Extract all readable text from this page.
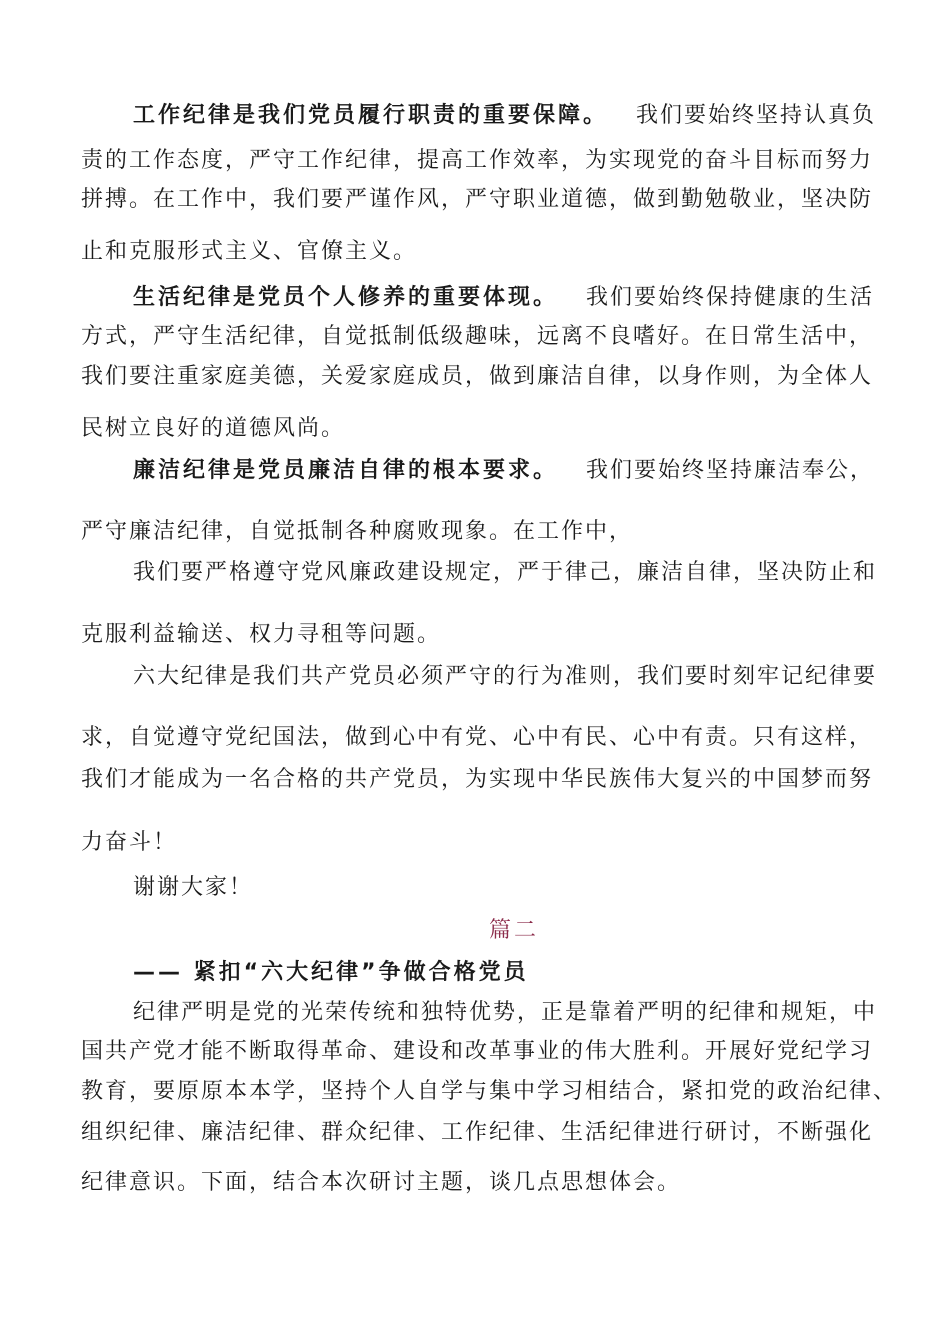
工作纪律是我们党员履行职责的重要保障。 我们要始终坚持认真负
责的工作态度，严守工作纪律，提高工作效率，为实现党的奋斗目标而努力
拼搏。在工作中，我们要严谨作风，严守职业道德，做到勤勉敬业，坚决防
止和克服形式主义、官僚主义。
生活纪律是党员个人修养的重要体现。 我们要始终保持健康的生活
方式，严守生活纪律，自觉抵制低级趣味，远离不良嗜好。在日常生活中，
我们要注重家庭美德，关爱家庭成员，做到廉洁自律，以身作则，为全体人
民树立良好的道德风尚。
廉洁纪律是党员廉洁自律的根本要求。 我们要始终坚持廉洁奉公，
严守廉洁纪律，自觉抵制各种腐败现象。在工作中，
我们要严格遵守党风廉政建设规定，严于律己，廉洁自律，坚决防止和
克服利益输送、权力寻租等问题。
六大纪律是我们共产党员必须严守的行为准则，我们要时刻牢记纪律要
求，自觉遵守党纪国法，做到心中有党、心中有民、心中有责。只有这样，
我们才能成为一名合格的共产党员，为实现中华民族伟大复兴的中国梦而努
力奋斗！
谢谢大家！
篇二
—— 紧扣“六大纪律”争做合格党员
纪律严明是党的光荣传统和独特优势，正是靠着严明的纪律和规矩，中
国共产党才能不断取得革命、建设和改革事业的伟大胜利。开展好党纪学习
教育，要原原本本学，坚持个人自学与集中学习相结合，紧扣党的政治纪律、
组织纪律、廉洁纪律、群众纪律、工作纪律、生活纪律进行研讨，不断强化
纪律意识。下面，结合本次研讨主题，谈几点思想体会。
